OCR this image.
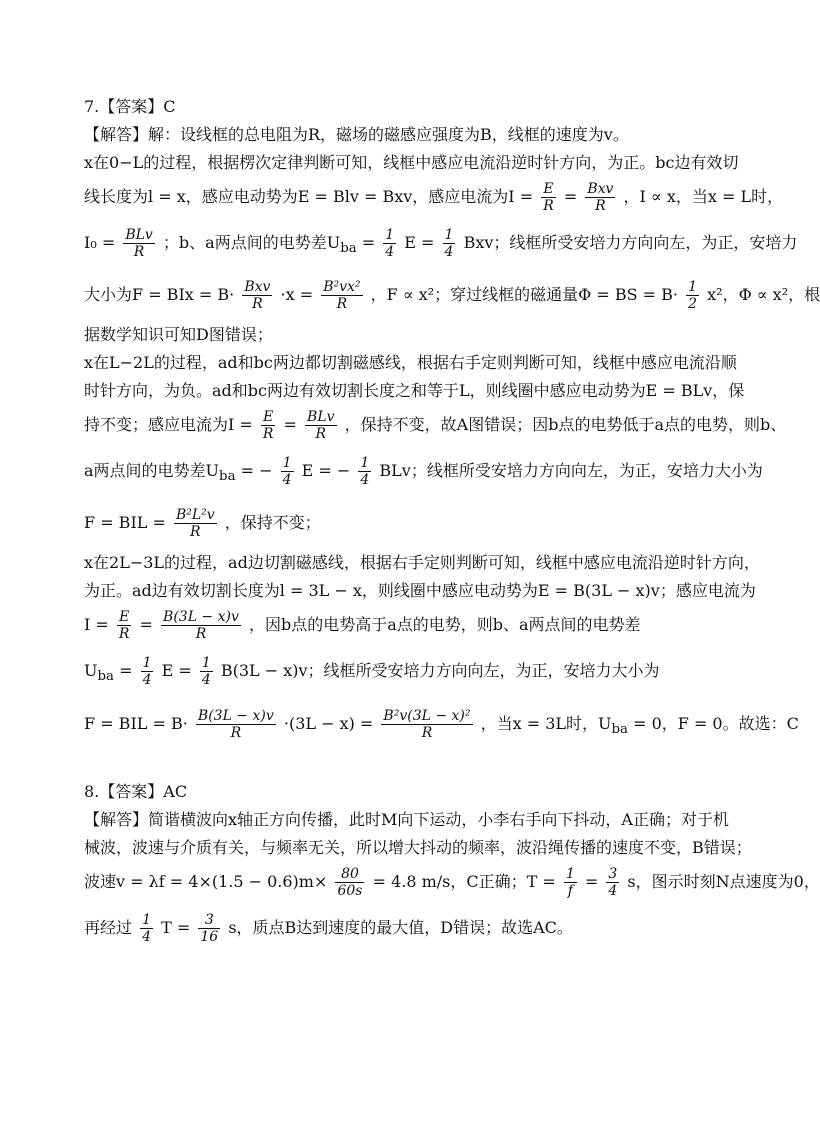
7.【答案】C
【解答】解：设线框的总电阻为R，磁场的磁感应强度为B，线框的速度为v。
x在0−L的过程，根据楞次定律判断可知，线框中感应电流沿逆时针方向，为正。bc边有效切
线长度为l = x，感应电动势为E = Blv = Bxv，感应电流为$I = \frac{E}{R}$ = Bxv
R	，I ∝ x，当x = L时，
I₀ = BLv
R	；b、a两点间的电势差$U_{ba} = \frac{1}{4}$ $E = \frac{1}{4}$ Bxv；线框所受安培力方向向左，为正，安培力
大小为F = BIx = B· Bxv
R	$\cdot x = \frac{\text{B²vx²}}{R}$ ，F ∝ x²；穿过线框的磁通量Φ = BS = $B\cdot \frac{1}{2} x^2$，Φ ∝ x²，根
据数学知识可知D图错误；
x在L−2L的过程，ad和bc两边都切割磁感线，根据右手定则判断可知，线框中感应电流沿顺
时针方向，为负。ad和bc两边有效切割长度之和等于L，则线圈中感应电动势为E = BLv，保
持不变；感应电流为$I = \frac{E}{R}$ = BLv
R	，保持不变，故A图错误；因b点的电势低于a点的电势，则b、
a两点间的电势差$U_{ba}$ = − $\frac{1}{4}$ E = − $\frac{1}{4}$ BLv；线框所受安培力方向向左，为正，安培力大小为
F = BIL = $\frac{\text{B²L²v}}{R}$ ，保持不变；
x在2L−3L的过程，ad边切割磁感线，根据右手定则判断可知，线框中感应电流沿逆时针方向，
为正。ad边有效切割长度为l = 3L − x，则线圈中感应电动势为E = B(3L − x)v；感应电流为
$I = \frac{E}{R} = \frac{B(3L - x)v}{R}$ ，因b点的电势高于a点的电势，则b、a两点间的电势差
$U_{ba} = \frac{1}{4}$ $E = \frac{1}{4} B(3L - x)v$；线框所受安培力方向向左，为正，安培力大小为
F = BIL = $B\cdot \frac{B(3L - x)v}{R} \cdot(3L - x) = \frac{\text{B²v(3L − x)²}}{R}$ ，当x = 3L时，$U_{ba} = 0$，F = 0。故选：C
8.【答案】AC
【解答】简谐横波向x轴正方向传播，此时M向下运动，小李右手向下抖动，A正确；对于机
械波，波速与介质有关，与频率无关，所以增大抖动的频率，波沿绳传播的速度不变，B错误；
波速$v = \lambda f = 4\times(1.5 - 0.6)m\times \frac{80}{60s} = 4.8$ m/s，C正确；$T = \frac{1}{f} = \frac{3}{4}$ s，图示时刻N点速度为0，
再经过 $\frac{1}{4}$ $T = \frac{3}{16}$ s，质点B达到速度的最大值，D错误；故选AC。
